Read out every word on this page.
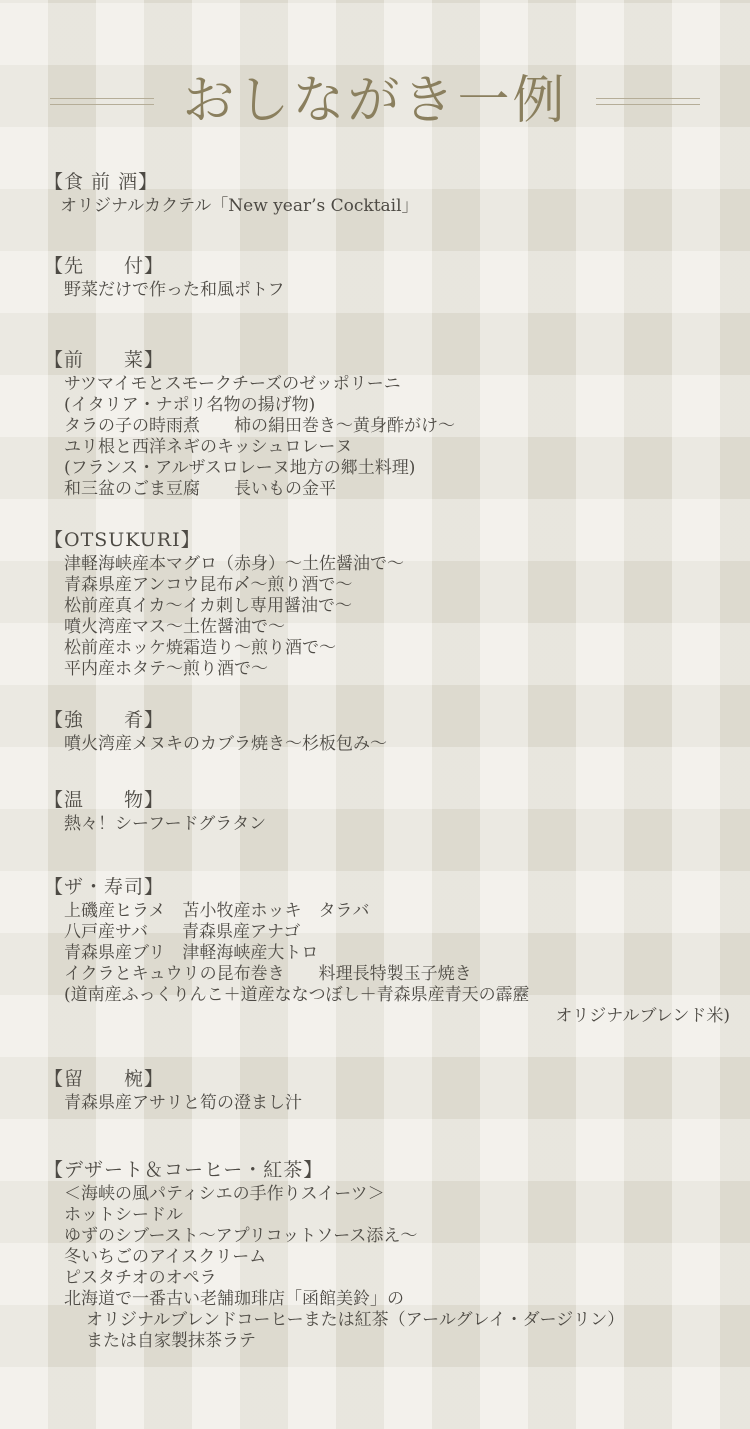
おしながき一例
【食 前 酒】
オリジナルカクテル「New year’s Cocktail」
【先　　付】
野菜だけで作った和風ポトフ
【前　　菜】
サツマイモとスモークチーズのゼッポリーニ
(イタリア・ナポリ名物の揚げ物)
タラの子の時雨煮　　柿の絹田巻き～黄身酢がけ～
ユリ根と西洋ネギのキッシュロレーヌ
(フランス・アルザスロレーヌ地方の郷土料理)
和三盆のごま豆腐　　長いもの金平
【OTSUKURI】
津軽海峡産本マグロ（赤身）～土佐醤油で～
青森県産アンコウ昆布〆～煎り酒で～
松前産真イカ～イカ刺し専用醤油で～
噴火湾産マス～土佐醤油で～
松前産ホッケ焼霜造り～煎り酒で～
平内産ホタテ～煎り酒で～
【強　　肴】
噴火湾産メヌキのカブラ焼き～杉板包み～
【温　　物】
熱々！シーフードグラタン
【ザ・寿司】
上磯産ヒラメ　苫小牧産ホッキ　タラバ
八戸産サバ　　青森県産アナゴ
青森県産ブリ　津軽海峡産大トロ
イクラとキュウリの昆布巻き　　料理長特製玉子焼き
(道南産ふっくりんこ＋道産ななつぼし＋青森県産青天の霹靂
オリジナルブレンド米)
【留　　椀】
青森県産アサリと筍の澄まし汁
【デザート＆コーヒー・紅茶】
＜海峡の風パティシエの手作りスイーツ＞
ホットシードル
ゆずのシブースト～アプリコットソース添え～
冬いちごのアイスクリーム
ピスタチオのオペラ
北海道で一番古い老舗珈琲店「函館美鈴」の
オリジナルブレンドコーヒーまたは紅茶（アールグレイ・ダージリン）
または自家製抹茶ラテ
